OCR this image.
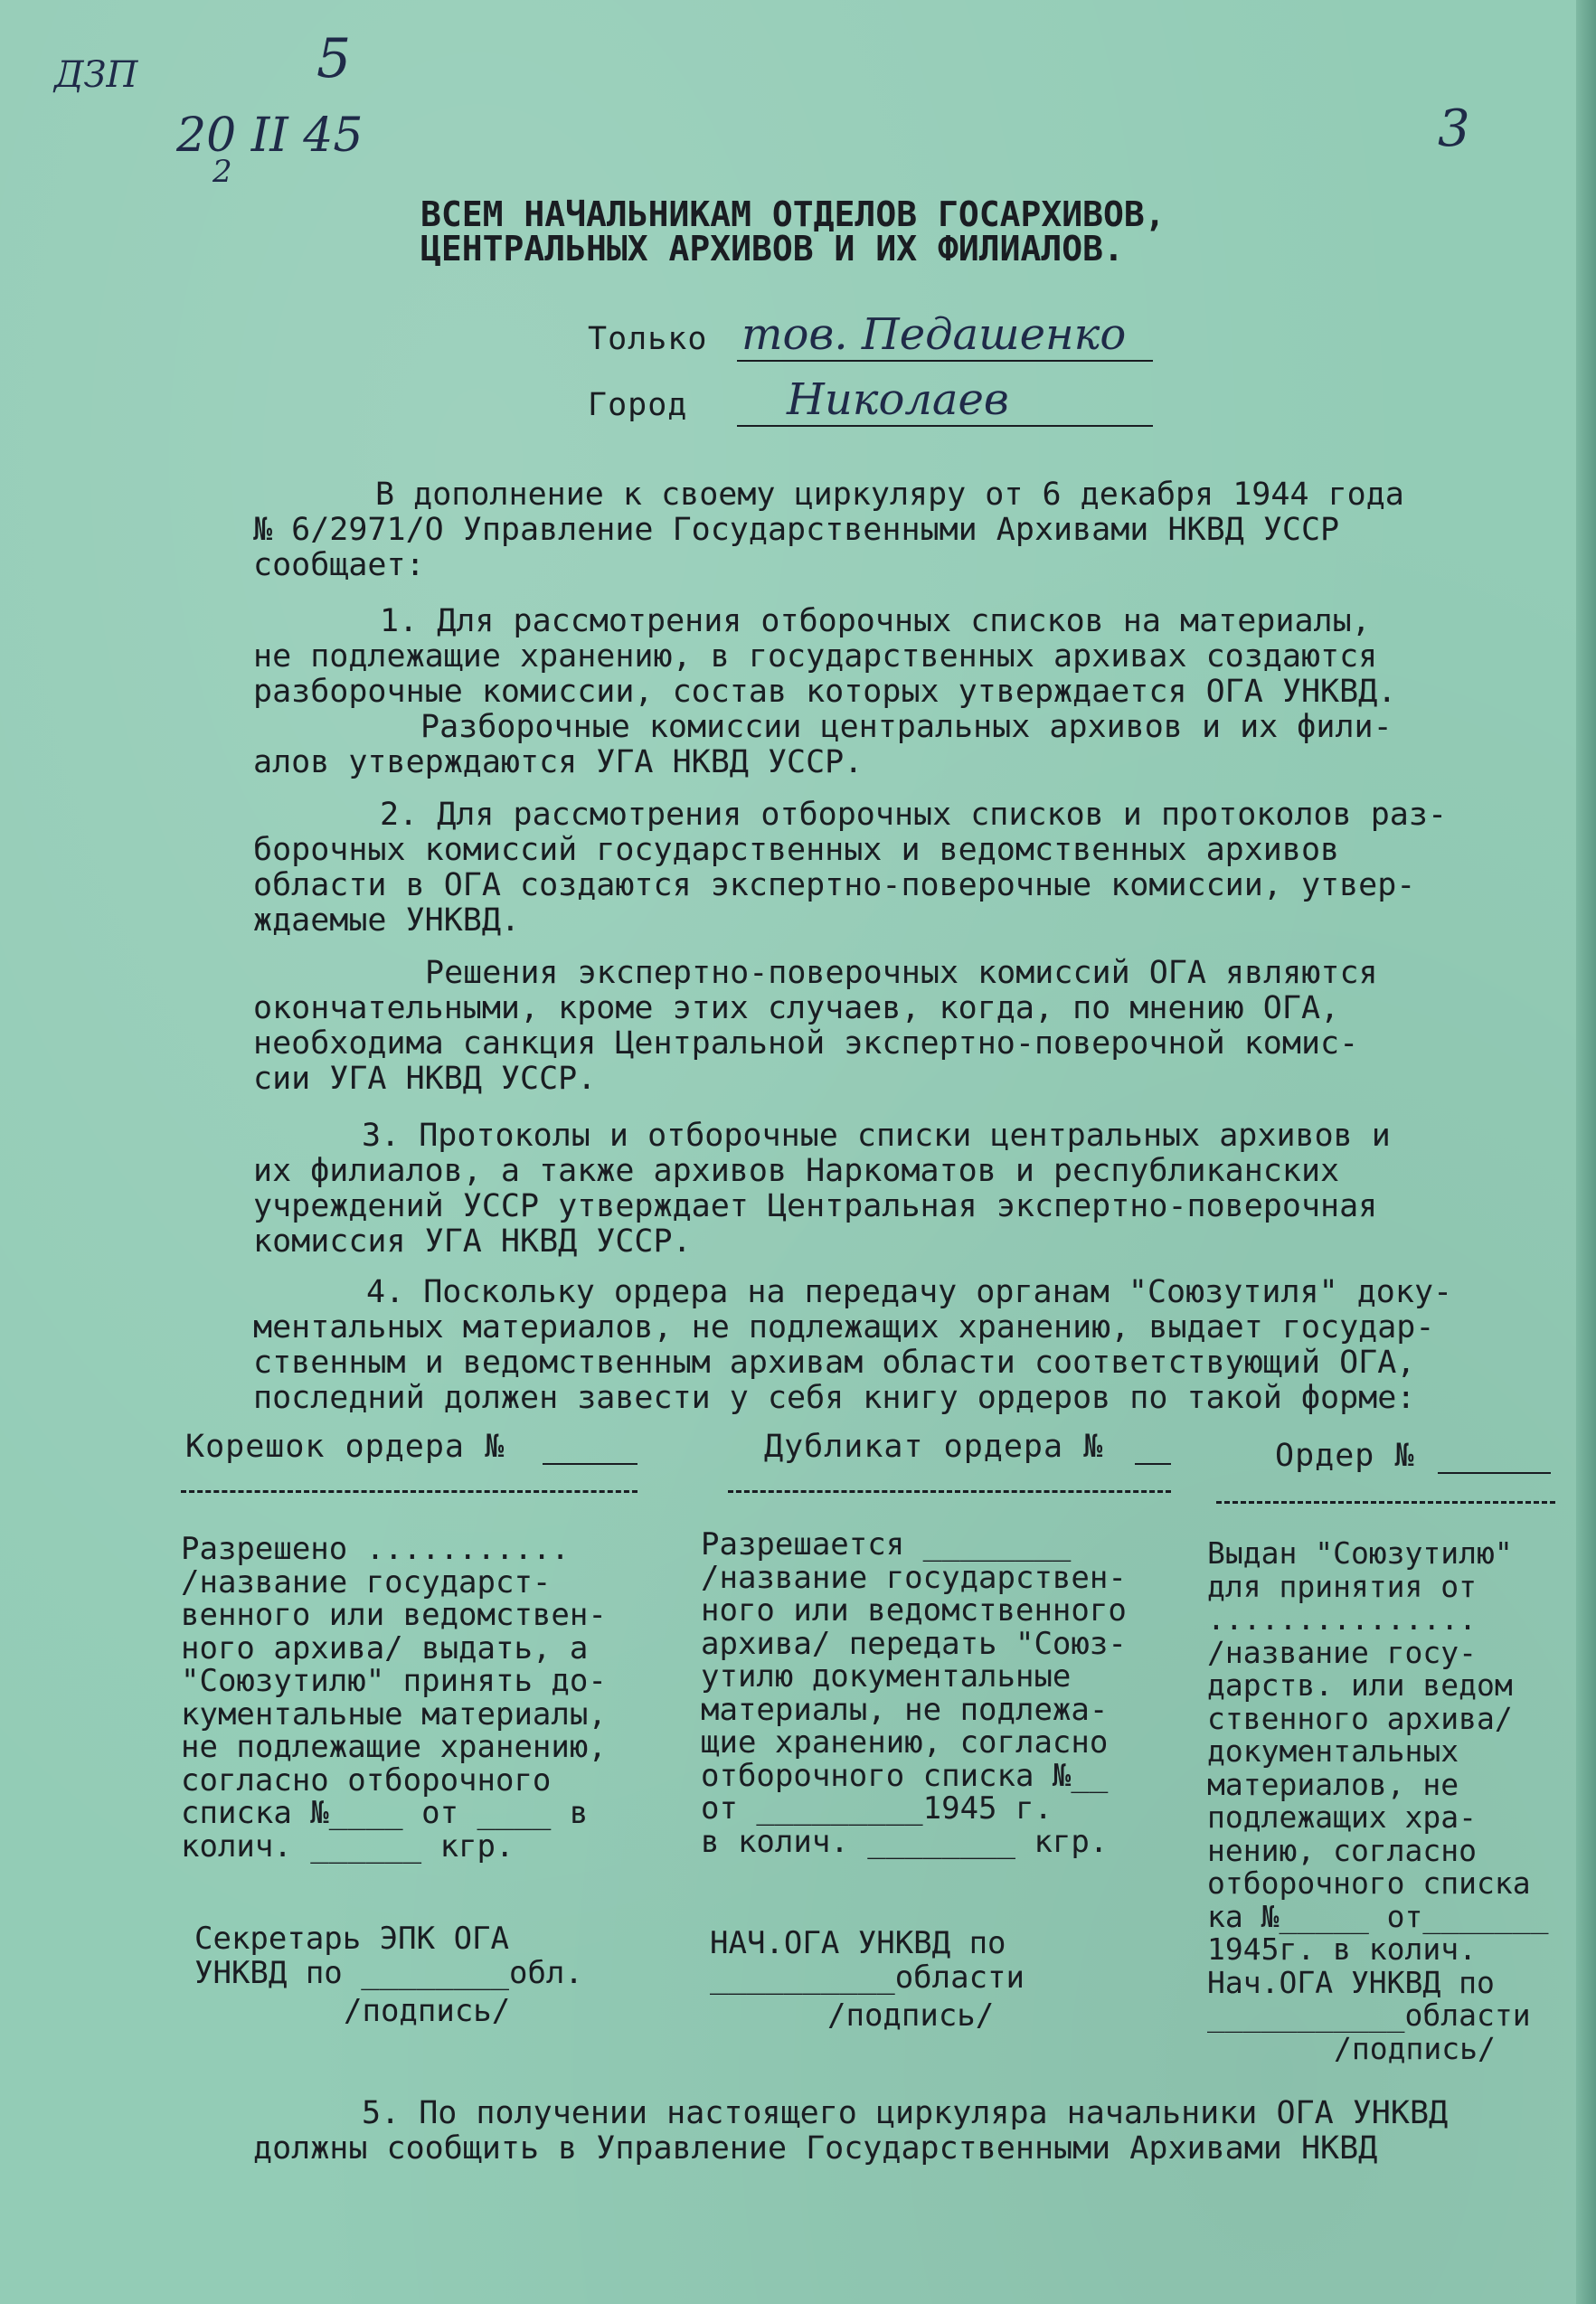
ДЗП	5
20 II 45
2
3
ВСЕМ НАЧАЛЬНИКАМ ОТДЕЛОВ ГОСАРХИВОВ,
ЦЕНТРАЛЬНЫХ АРХИВОВ И ИХ ФИЛИАЛОВ.
Только тов. Педашенко
Город Николаев

В дополнение к своему циркуляру от 6 декабря 1944 года

№ 6/2971/О Управление Государственными Архивами НКВД УССР

сообщает:

1. Для рассмотрения отборочных списков на материалы,

не подлежащие хранению, в государственных архивах создаются

разборочные комиссии, состав которых утверждается ОГА УНКВД.

Разборочные комиссии центральных архивов и их фили-

алов утверждаются УГА НКВД УССР.

2. Для рассмотрения отборочных списков и протоколов раз-

борочных комиссий государственных и ведомственных архивов

области в ОГА создаются экспертно-поверочные комиссии, утвер-

ждаемые УНКВД.

Решения экспертно-поверочных комиссий ОГА являются

окончательными, кроме этих случаев, когда, по мнению ОГА,

необходима санкция Центральной экспертно-поверочной комис-

сии УГА НКВД УССР.

3. Протоколы и отборочные списки центральных архивов и

их филиалов, а также архивов Наркоматов и республиканских

учреждений УССР утверждает Центральная экспертно-поверочная

комиссия УГА НКВД УССР.

4. Поскольку ордера на передачу органам "Союзутиля" доку-

ментальных материалов, не подлежащих хранению, выдает государ-

ственным и ведомственным архивам области соответствующий ОГА,

последний должен завести у себя книгу ордеров по такой форме:

Корешок ордера №	Дубликат ордера №	Ордер №

Разрешено ...........

/название государст-

венного или ведомствен-

ного архива/ выдать, а

"Союзутилю" принять до-

кументальные материалы,

не подлежащие хранению,

согласно отборочного

списка №____ от ____ в

колич. ______ кгр.

Разрешается ________

/название государствен-

ного или ведомственного

архива/ передать "Союз-

утилю документальные

материалы, не подлежа-

щие хранению, согласно

отборочного списка №__

от _________1945 г.

в колич. ________ кгр.

Выдан "Союзутилю"

для принятия от

...............

/название госу-

дарств. или ведом

ственного архива/

документальных

материалов, не

подлежащих хра-

нению, согласно

отборочного списка

ка №_____ от_______

1945г. в колич.

Нач.ОГА УНКВД по

___________области

/подпись/

Секретарь ЭПК ОГА

УНКВД по ________обл.

/подпись/

НАЧ.ОГА УНКВД по

__________области

/подпись/

5. По получении настоящего циркуляра начальники ОГА УНКВД

должны сообщить в Управление Государственными Архивами НКВД
